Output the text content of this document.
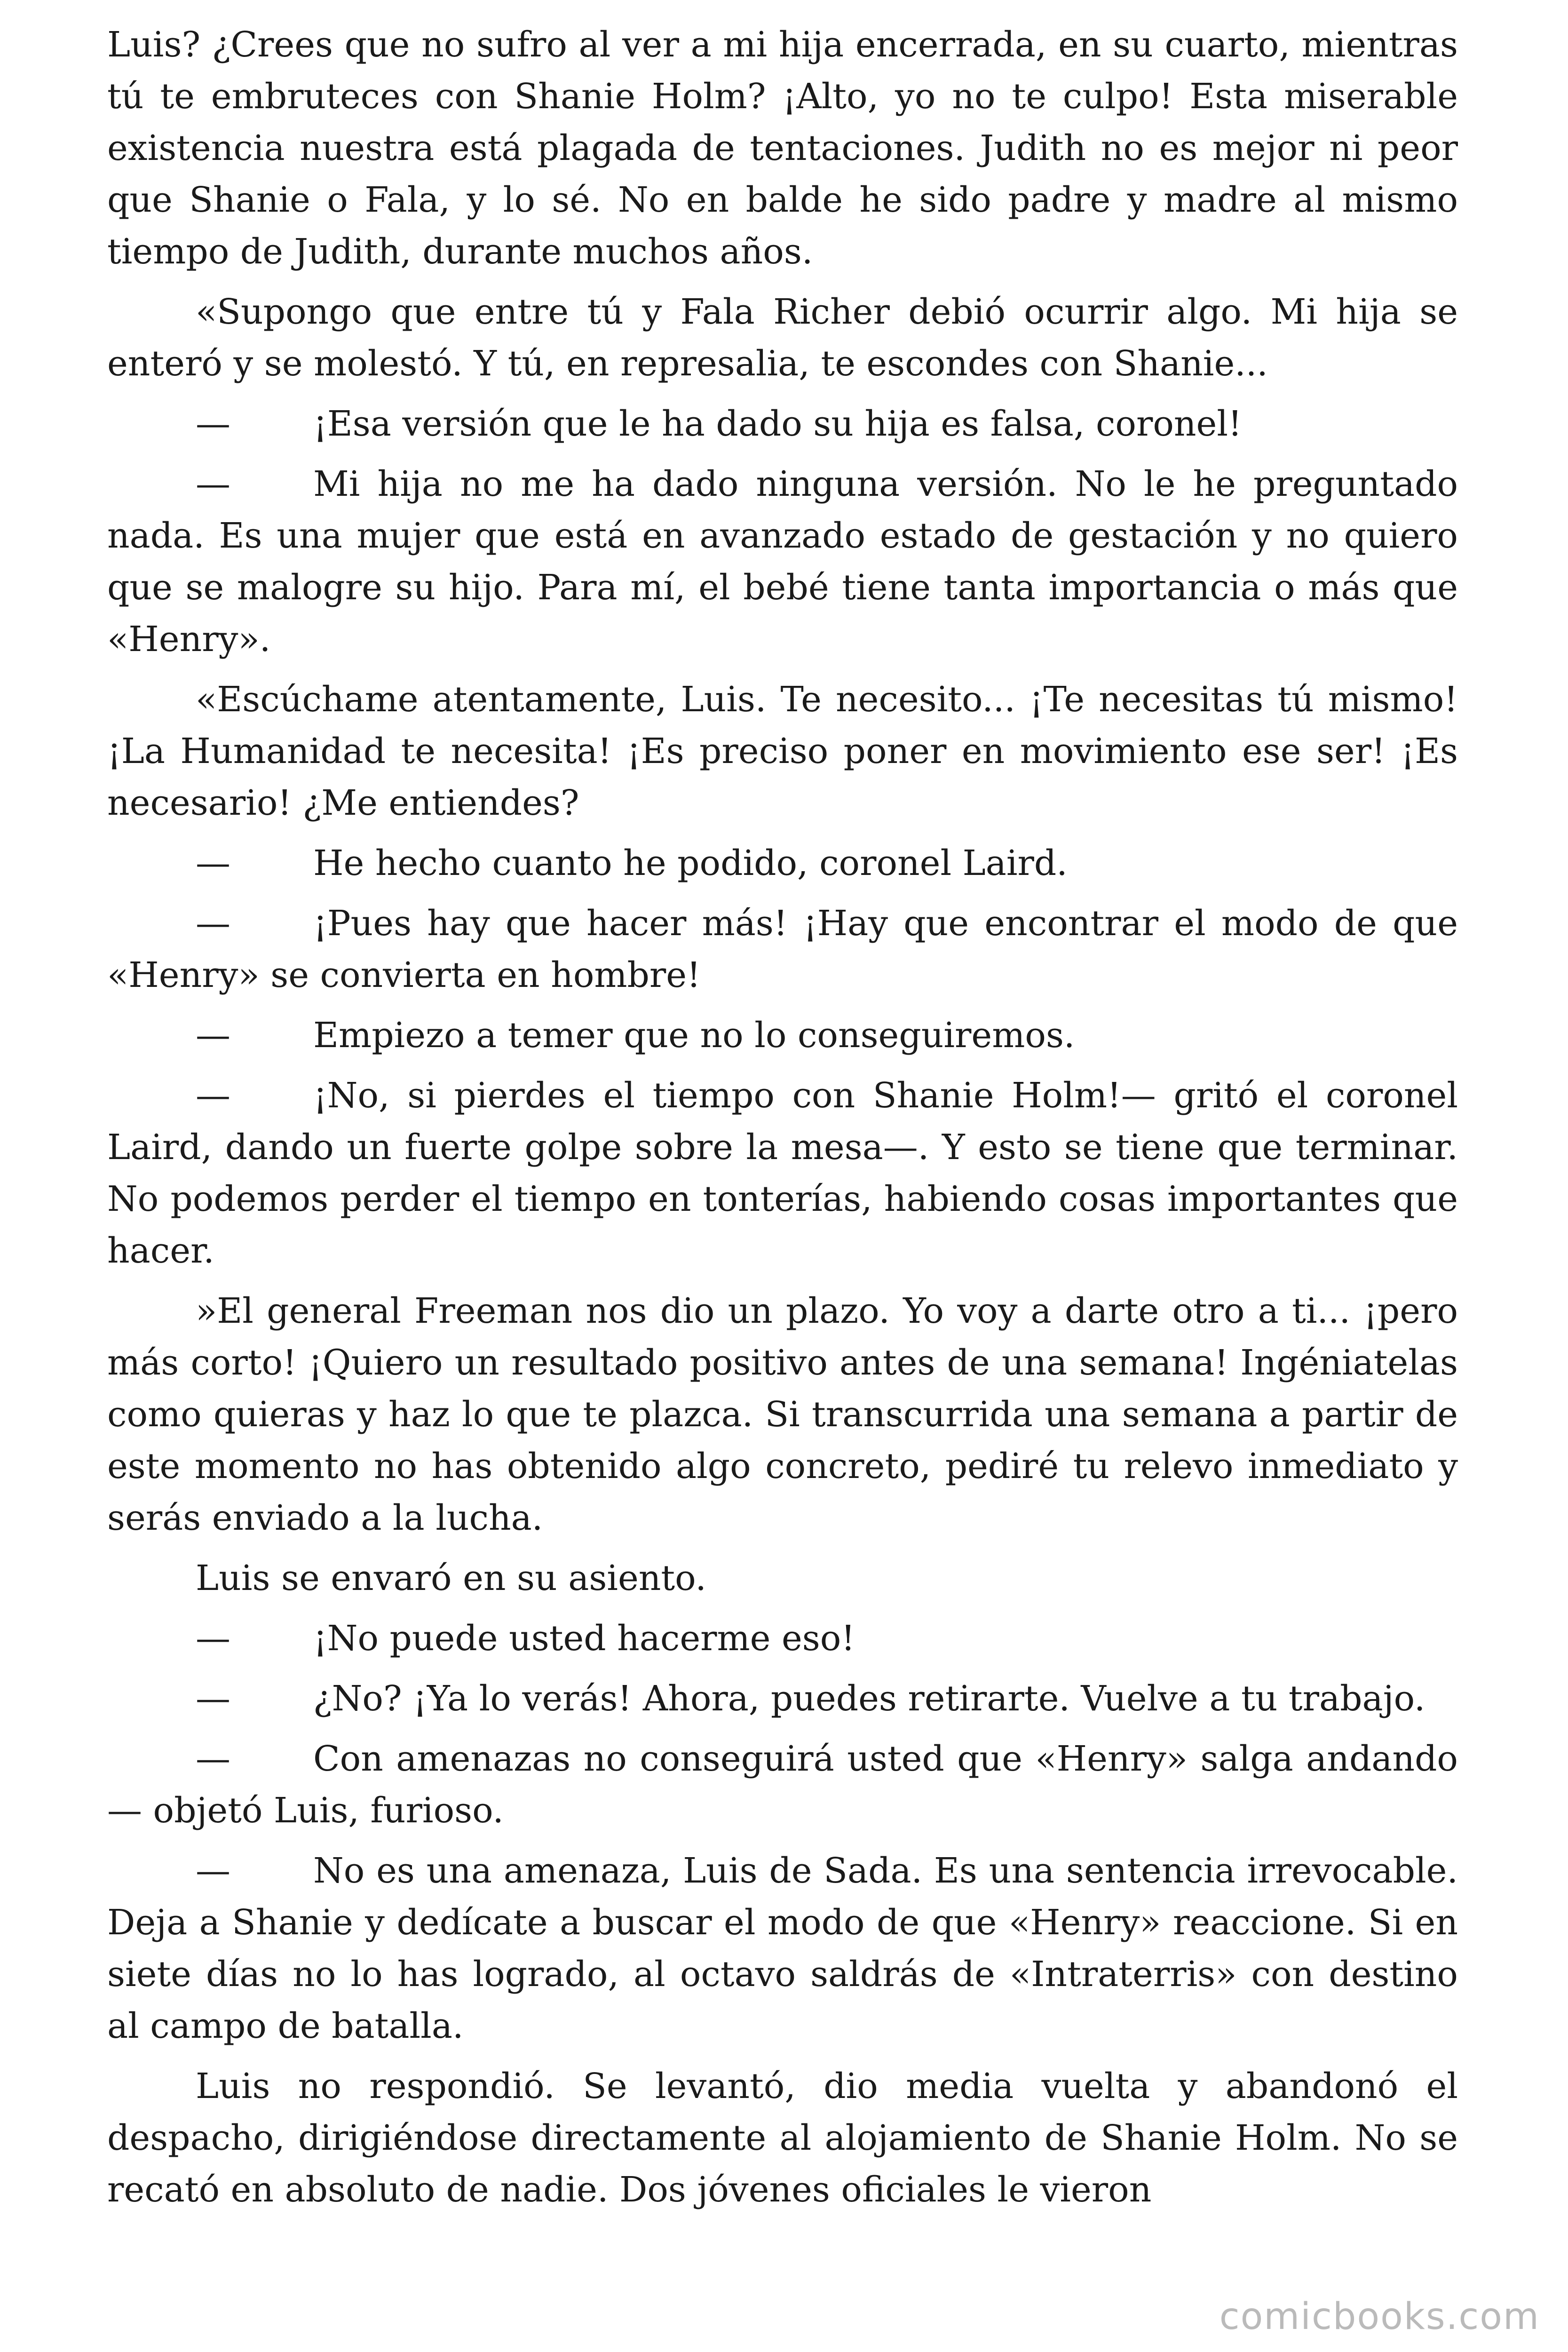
Luis? ¿Crees que no sufro al ver a mi hija encerrada, en su cuarto, mientras tú te embruteces con Shanie Holm? ¡Alto, yo no te culpo! Esta miserable existencia nuestra está plagada de tentaciones. Judith no es mejor ni peor que Shanie o Fala, y lo sé. No en balde he sido padre y madre al mismo tiempo de Judith, durante muchos años.

«Supongo que entre tú y Fala Richer debió ocurrir algo. Mi hija se enteró y se molestó. Y tú, en represalia, te escondes con Shanie...

— ¡Esa versión que le ha dado su hija es falsa, coronel!

— Mi hija no me ha dado ninguna versión. No le he preguntado nada. Es una mujer que está en avanzado estado de gestación y no quiero que se malogre su hijo. Para mí, el bebé tiene tanta importancia o más que «Henry».

«Escúchame atentamente, Luis. Te necesito... ¡Te necesitas tú mismo! ¡La Humanidad te necesita! ¡Es preciso poner en movimiento ese ser! ¡Es necesario! ¿Me entiendes?

— He hecho cuanto he podido, coronel Laird.

— ¡Pues hay que hacer más! ¡Hay que encontrar el modo de que «Henry» se convierta en hombre!

— Empiezo a temer que no lo conseguiremos.

— ¡No, si pierdes el tiempo con Shanie Holm!— gritó el coronel Laird, dando un fuerte golpe sobre la mesa—. Y esto se tiene que terminar. No podemos perder el tiempo en tonterías, habiendo cosas importantes que hacer.

»El general Freeman nos dio un plazo. Yo voy a darte otro a ti... ¡pero más corto! ¡Quiero un resultado positivo antes de una semana! Ingéniatelas como quieras y haz lo que te plazca. Si transcurrida una semana a partir de este momento no has obtenido algo concreto, pediré tu relevo inmediato y serás enviado a la lucha.

Luis se envaró en su asiento.

— ¡No puede usted hacerme eso!

— ¿No? ¡Ya lo verás! Ahora, puedes retirarte. Vuelve a tu trabajo.

— Con amenazas no conseguirá usted que «Henry» salga andando — objetó Luis, furioso.

— No es una amenaza, Luis de Sada. Es una sentencia irrevocable. Deja a Shanie y dedícate a buscar el modo de que «Henry» reaccione. Si en siete días no lo has logrado, al octavo saldrás de «Intraterris» con destino al campo de batalla.

Luis no respondió. Se levantó, dio media vuelta y abandonó el despacho, dirigiéndose directamente al alojamiento de Shanie Holm. No se recató en absoluto de nadie. Dos jóvenes oficiales le vieron

comicbooks.com
